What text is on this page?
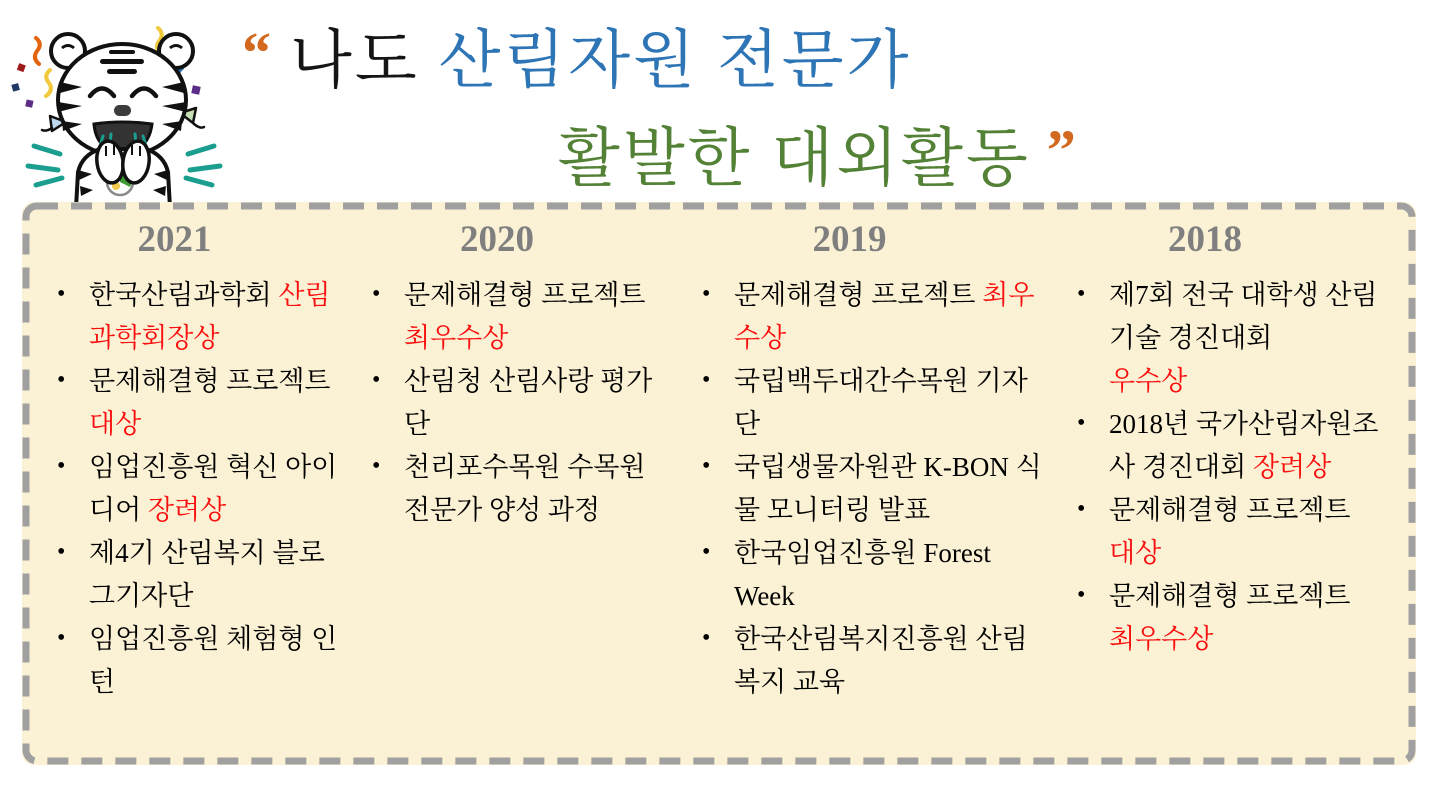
“ 나도 산림자원 전문가
활발한 대외활동 ”
2021
• 한국산림과학회 산림과학회장상
• 문제해결형 프로젝트 대상
• 임업진흥원 혁신 아이디어 장려상
• 제4기 산림복지 블로그기자단
• 임업진흥원 체험형 인턴
2020
• 문제해결형 프로젝트 최우수상
• 산림청 산림사랑 평가단
• 천리포수목원 수목원 전문가 양성 과정
2019
• 문제해결형 프로젝트 최우수상
• 국립백두대간수목원 기자단
• 국립생물자원관 K-BON 식물 모니터링 발표
• 한국임업진흥원 Forest Week
• 한국산림복지진흥원 산림복지 교육
2018
• 제7회 전국 대학생 산림 기술 경진대회
우수상
• 2018년 국가산림자원조사 경진대회 장려상
• 문제해결형 프로젝트 대상
• 문제해결형 프로젝트 최우수상
